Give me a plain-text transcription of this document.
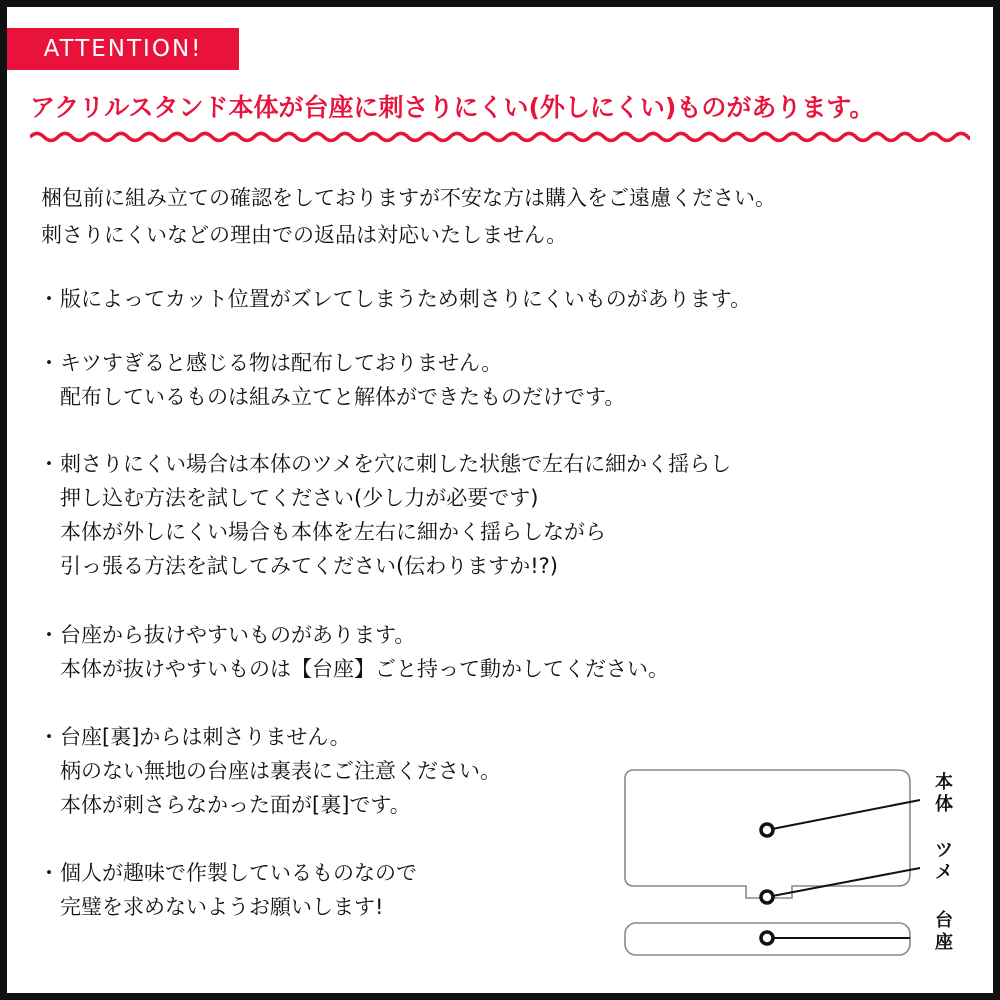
ATTENTION!
アクリルスタンド本体が台座に刺さりにくい(外しにくい)ものがあります。
梱包前に組み立ての確認をしておりますが不安な方は購入をご遠慮ください。
刺さりにくいなどの理由での返品は対応いたしません。
・版によってカット位置がズレてしまうため刺さりにくいものがあります。
・キツすぎると感じる物は配布しておりません。
配布しているものは組み立てと解体ができたものだけです。
・刺さりにくい場合は本体のツメを穴に刺した状態で左右に細かく揺らし
押し込む方法を試してください(少し力が必要です)
本体が外しにくい場合も本体を左右に細かく揺らしながら
引っ張る方法を試してみてください(伝わりますか!?)
・台座から抜けやすいものがあります。
本体が抜けやすいものは【台座】ごと持って動かしてください。
・台座[裏]からは刺さりません。
柄のない無地の台座は裏表にご注意ください。
本体が刺さらなかった面が[裏]です。
・個人が趣味で作製しているものなので
完璧を求めないようお願いします!
本体
ツメ
台座
